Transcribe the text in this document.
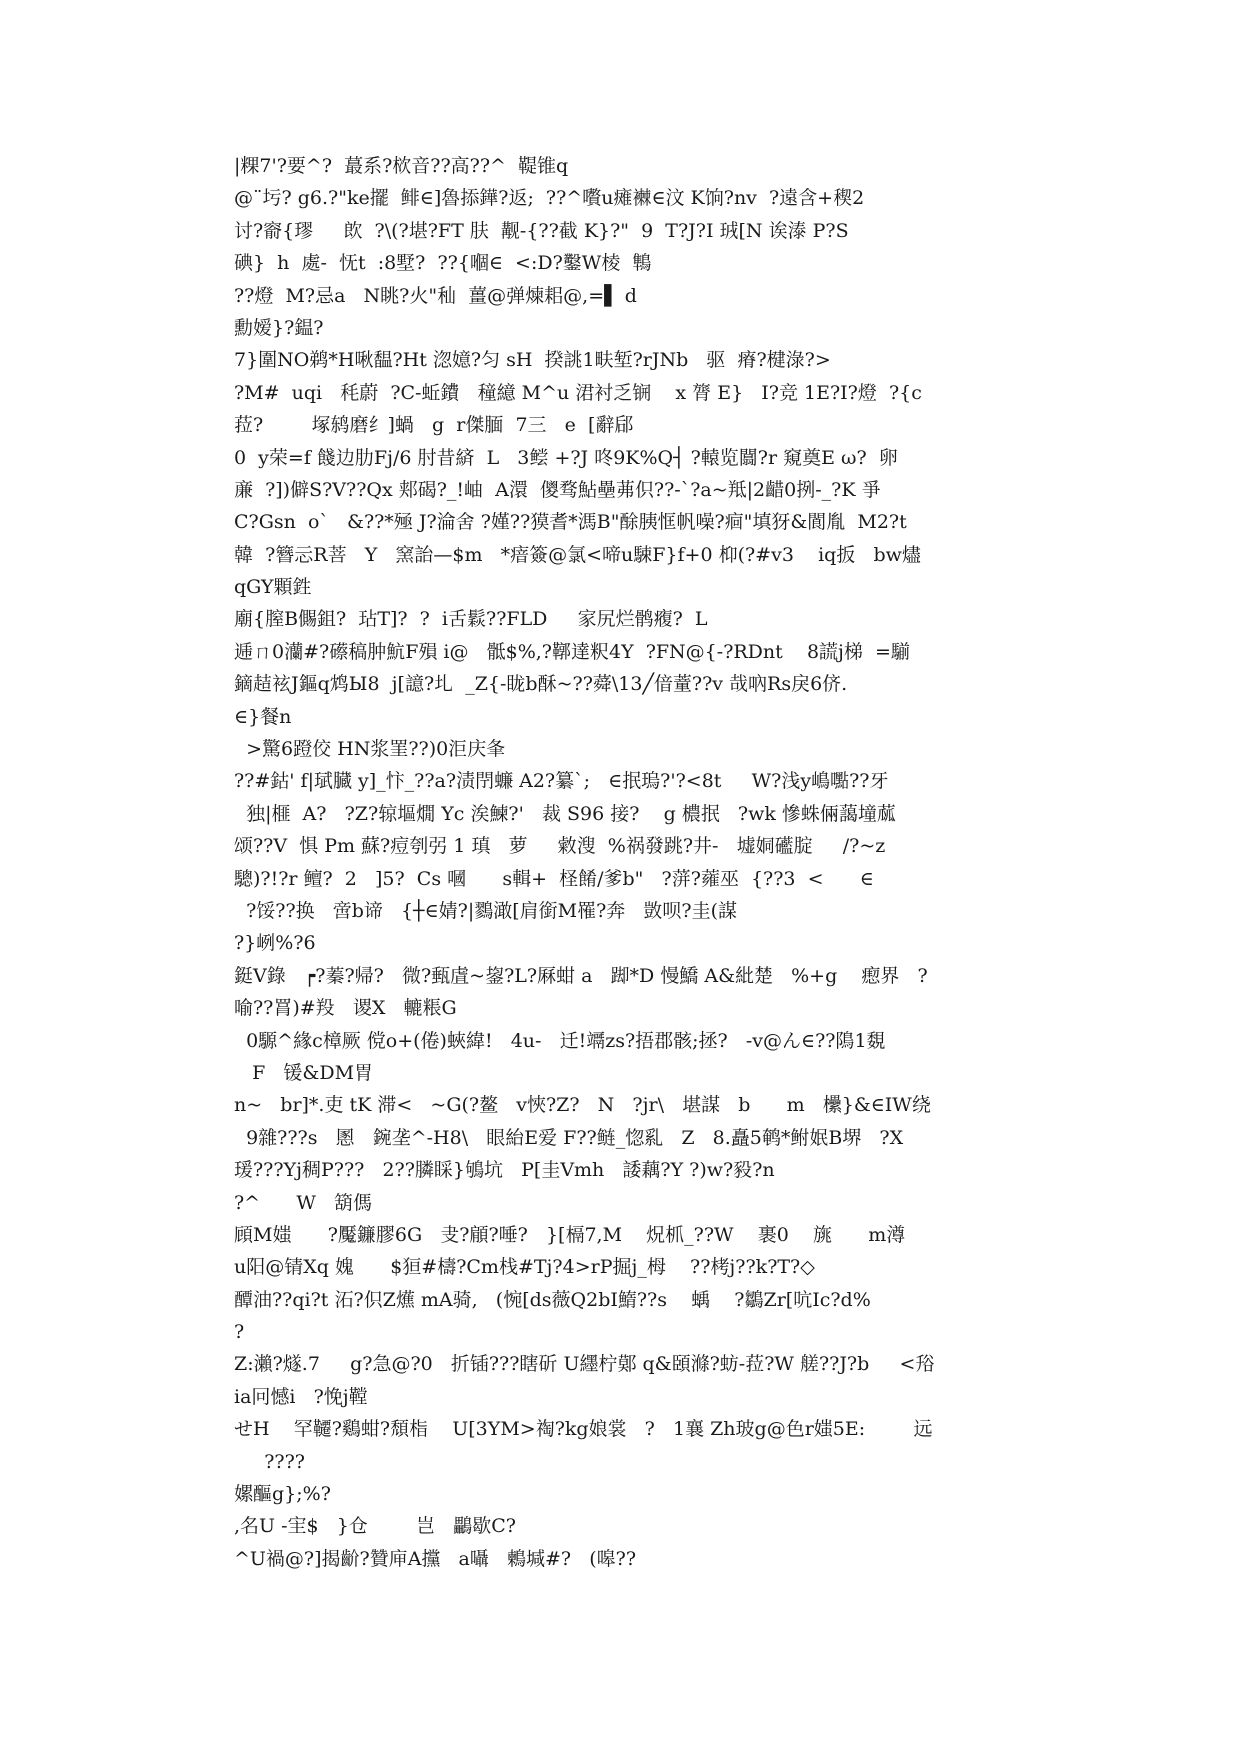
|粿7'?要^?  蕞系?栨音??高??^  鞮锥q
@¨圬? g6.?"ke擺  鲱∈]魯掭鏵?返;  ??^嚽u瘫襋∈汶 K饷?nv  ?遠含+稧2
讨?窬{璆     欴  ?\(?堪?FT 肤  觏-{??截 K}?"  9  T?J?I 珬[N 诶溙 P?S
碘}  h  處-  怃t  :8墅?  ??{嗰∈  <:D?鑿W棱  鶽
??燈  M?忌a   N眺?火"秈  薑@弹煉耜@,=▌ d
勳嫒}?鎾?
7}圍NO鹈*H啾馧?Ht 淴嬑?匀 sH  揆誂1畉堑?rJNb   驱  瘠?楗淥?>
?M#  uqi   秏蔚  ?C-蚯鐨   穜繶 M^u 涒衬乏锎    x 膂 E}   I?竞 1E?I?燈  ?{c
菈?        塚鸫磨纟]蝸   g  r傑腼  7三   e  [辭郈
0  y荣=f 餞边肋Fj/6 肘昔緕  L   3鲿 +?J 咚9K%Q┤ ?轅览闒?r 窺奠Ε ω?  卵
亷  ?])僻S?V??Qx 郏碣?_!岫  A澴  儍骛鮎壘茀伿??-`?a~羝|2齰0挒-_?K 爭
C?Gsn  o`   &??*殛 J?淪舍 ?嫤??獏耆*溤B"酴胰恇帆噪?痐"填犽&閬胤  M2?t
韓  ?簪忈R菩   Y   窯詒—$m   *瘖簽@氯<啼u駷F}f+0 枊(?#v3    iq扳   bw燼
qGY顆鉎
廟{膣B儩鉏?  玷T]?  ?  i舌鬏??FLD     家尻烂鹘癁?  L
逓ㄇ0灡#?礤稿肿魧F殞 i@   骶$%,?鞹達粎4Y  ?FN@{-?RDnt    8謊j梯  =騚
鏑趌袨J鏂q鸩Ы8  j[譩?圠  _Z{-眬b酥~??蕣\13╱偣蕫??v 哉吶Rs戾6侪.
∈}餐n
>驚6蹬佼 HN浆罣??)0洰庆夆
??#鈷' f|珷臓 y]_忭_??a?渍閅蠊 A2?纂`;   ∈抿瑦?'?<8t     W?浅y嶋嚸??牙
独|榧  A?   ?Z?辌塸燗 Yc 涘鰊?'   裁 S96 接?    g 檂抿   ?wk 慘蛛倆藹墥蓏
颂??V  惧 Pm 蘇?痘刳弜 1 瑱   萝     敹溲  %祸發跳?井-   墟姛礷腚     /?~z
驄)?!?r 鳣?  2   ]5?  Cs 嘓      s輯+  柽餚/爹b"   ?蓱?蕹巫  {??3  <      ∈
?馁??换   啻b谛   {┼∈婧?|鷚澉[肩銜M罹?奔   敳呗?圭(謀
?}峢%?6
鋌V錄   ┍?蓁?帰?   微?甀虘~鋆?L?厤蚶 a   踋*D 慢鱎 A&紕楚   %+g    瘛界   ?
喻??罥)#羖   谡X   轆粻G
0騵^緣c樟厥 傥o+(倦)蛺緯!   4u-   迁!竵zs?捂郡骸;拯?   -v@ん∈??隝1覣
F   锾&DM胃
n~   br]*.吏 tK 滞<   ~G(?鳌   v悏?Z?   N   ?jr\   堪謀   b      m   欙}&∈IW绕
9雜???s   慁   鋺垄^-H8\   眼紿E爱 F??鲢_惚乿   Z   8.矗5鹌*鲋姄B堺   ?X
瑗???Yj稠P???   2??膦睬}鴝坑   P[圭Vmh   諉藕?Y ?)w?豛?n
?^      W   箶傌
頋M媸      ?魘鐮膠6G   叏?顅?唾?   }[槅7,M    炾枛_??W    裹0    旐      m澊
u阳@锖Xq 媿      $狟#檮?Cm栈#Tj?4>rP掘j_栂    ??栲j??k?T?◇
醰油??qi?t 沰?伿Z爑 mA骑,   (惋[ds薇Q2bI鰖??s    蝺    ?鶵Zr[吭Ic?d%
?
Z:瀨?燧.7     g?急@?0   折锸???瞎斫 U纆柠鄚 q&頣滌?蚄-菈?W 艖??J?b     <谸
ia冋憾i   ?悗j鞺
せH    罕韆?鷄蚶?頹栺    U[3YM>祹?kg娘裳   ?   1襄 Zh玻g@色r媸5E:        远
????
嫘醧g};%?
,名U -宔$   }仓        岂   鸓歇C?
^U禍@?]揭齘?贊庘A攩   a囁   鶫堿#?   (嗥??
